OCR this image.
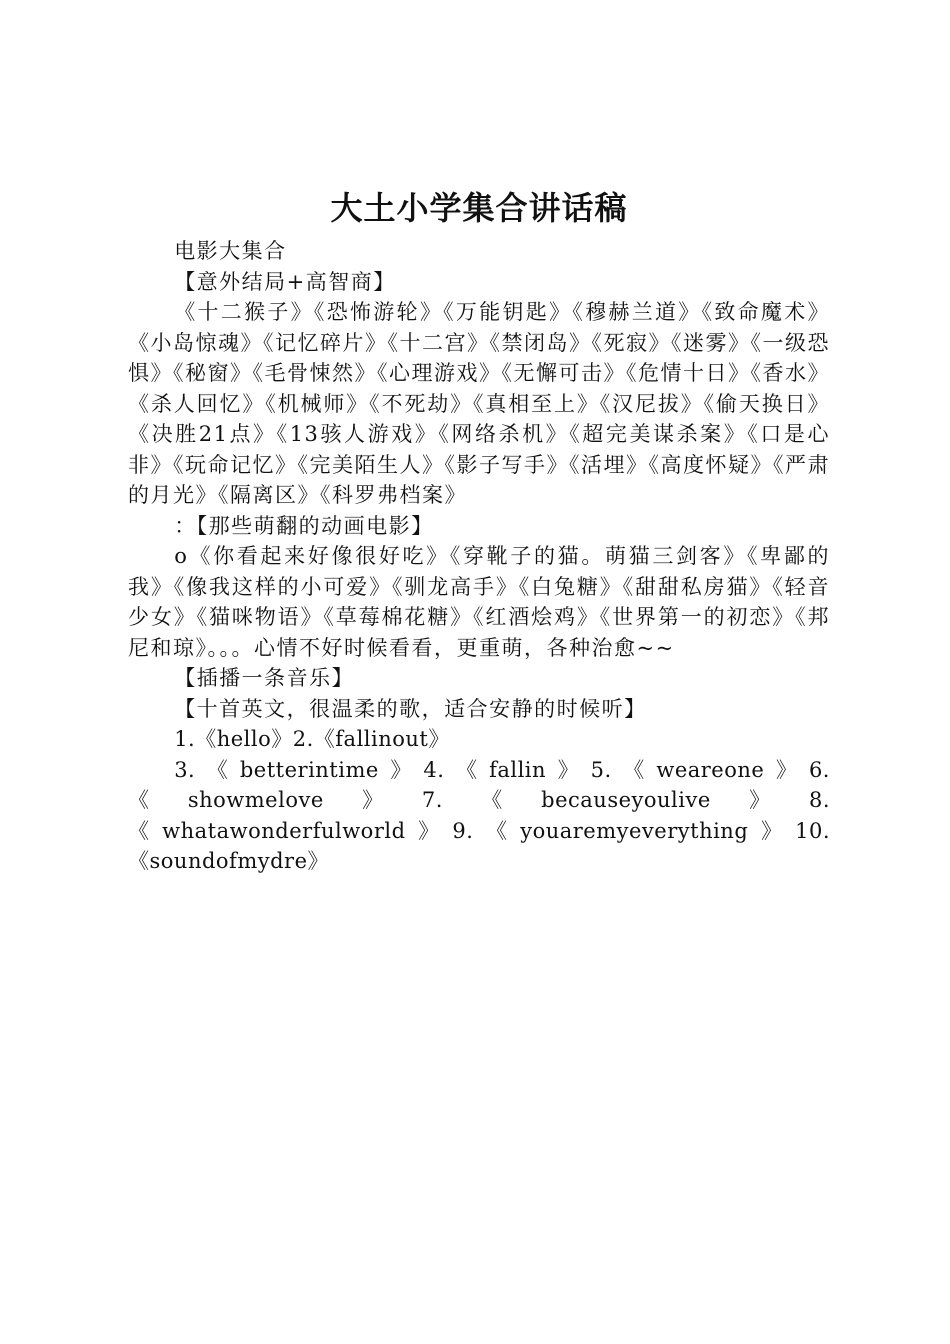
大土小学集合讲话稿

电影大集合

【意外结局+高智商】

《十二猴子》《恐怖游轮》《万能钥匙》《穆赫兰道》《致命魔术》《小岛惊魂》《记忆碎片》《十二宫》《禁闭岛》《死寂》《迷雾》《一级恐惧》《秘窗》《毛骨悚然》《心理游戏》《无懈可击》《危情十日》《香水》《杀人回忆》《机械师》《不死劫》《真相至上》《汉尼拔》《偷天换日》《决胜21点》《13骇人游戏》《网络杀机》《超完美谋杀案》《口是心非》《玩命记忆》《完美陌生人》《影子写手》《活埋》《高度怀疑》《严肃的月光》《隔离区》《科罗弗档案》

：【那些萌翻的动画电影】

o《你看起来好像很好吃》《穿靴子的猫。萌猫三剑客》《卑鄙的我》《像我这样的小可爱》《驯龙高手》《白兔糖》《甜甜私房猫》《轻音少女》《猫咪物语》《草莓棉花糖》《红酒烩鸡》《世界第一的初恋》《邦尼和琼》。。。心情不好时候看看，更重萌，各种治愈~~

【插播一条音乐】

【十首英文，很温柔的歌，适合安静的时候听】

1.《hello》2.《fallinout》

3.《betterintime》4.《fallin》5.《weareone》6.《showmelove》7.《becauseyoulive》8.《whatawonderfulworld》9.《youaremyeverything》10.《soundofmydre》
